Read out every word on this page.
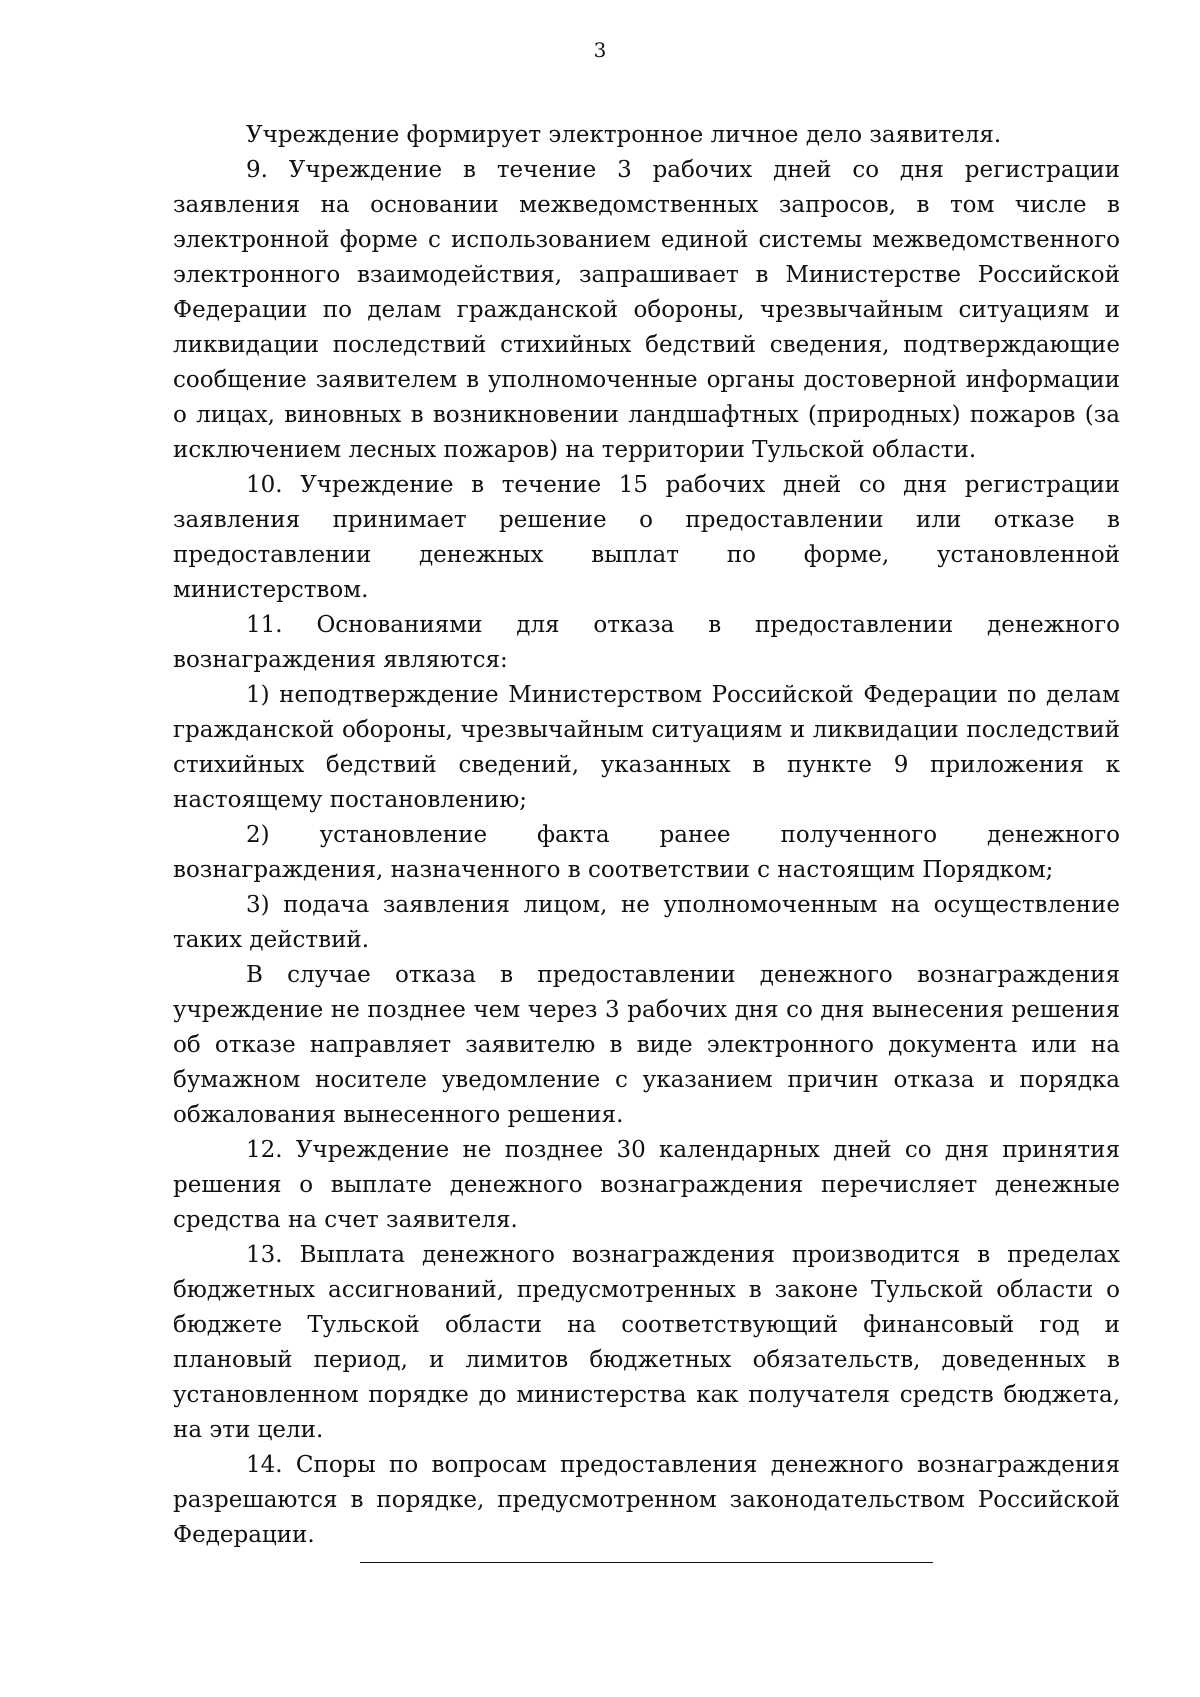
3

Учреждение формирует электронное личное дело заявителя.

9. Учреждение в течение 3 рабочих дней со дня регистрации заявления на основании межведомственных запросов, в том числе в электронной форме с использованием единой системы межведомственного электронного взаимодействия, запрашивает в Министерстве Российской Федерации по делам гражданской обороны, чрезвычайным ситуациям и ликвидации последствий стихийных бедствий сведения, подтверждающие сообщение заявителем в уполномоченные органы достоверной информации о лицах, виновных в возникновении ландшафтных (природных) пожаров (за исключением лесных пожаров) на территории Тульской области.

10. Учреждение в течение 15 рабочих дней со дня регистрации заявления принимает решение о предоставлении или отказе в предоставлении денежных выплат по форме, установленной министерством.

11. Основаниями для отказа в предоставлении денежного вознаграждения являются:

1) неподтверждение Министерством Российской Федерации по делам гражданской обороны, чрезвычайным ситуациям и ликвидации последствий стихийных бедствий сведений, указанных в пункте 9 приложения к настоящему постановлению;

2) установление факта ранее полученного денежного вознаграждения, назначенного в соответствии с настоящим Порядком;

3) подача заявления лицом, не уполномоченным на осуществление таких действий.

В случае отказа в предоставлении денежного вознаграждения учреждение не позднее чем через 3 рабочих дня со дня вынесения решения об отказе направляет заявителю в виде электронного документа или на бумажном носителе уведомление с указанием причин отказа и порядка обжалования вынесенного решения.

12. Учреждение не позднее 30 календарных дней со дня принятия решения о выплате денежного вознаграждения перечисляет денежные средства на счет заявителя.

13. Выплата денежного вознаграждения производится в пределах бюджетных ассигнований, предусмотренных в законе Тульской области о бюджете Тульской области на соответствующий финансовый год и плановый период, и лимитов бюджетных обязательств, доведенных в установленном порядке до министерства как получателя средств бюджета, на эти цели.

14. Споры по вопросам предоставления денежного вознаграждения разрешаются в порядке, предусмотренном законодательством Российской Федерации.
